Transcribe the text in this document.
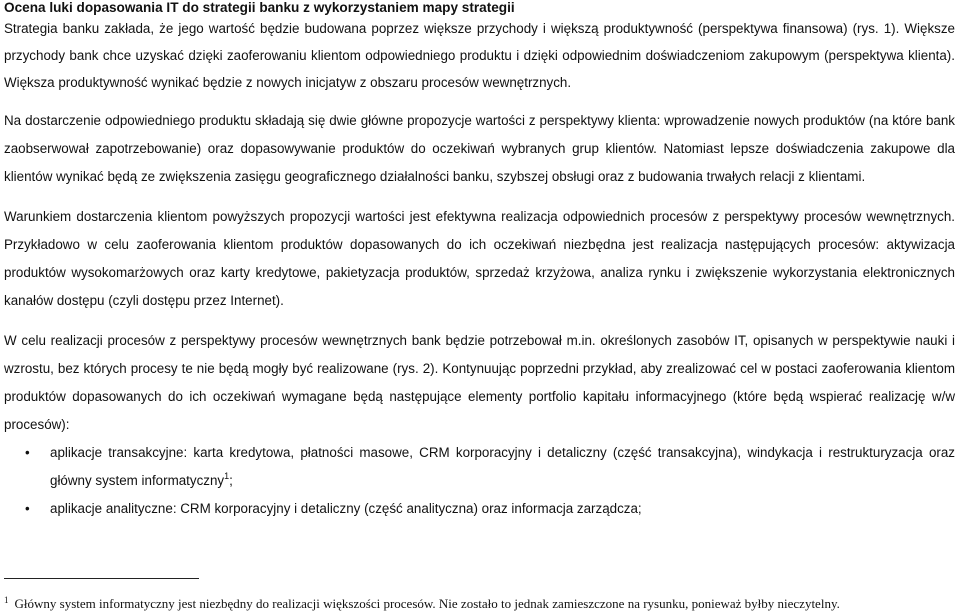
Ocena luki dopasowania IT do strategii banku z wykorzystaniem mapy strategii

Strategia banku zakłada, że jego wartość będzie budowana poprzez większe przychody i większą produktywność (perspektywa finansowa) (rys. 1). Większe przychody bank chce uzyskać dzięki zaoferowaniu klientom odpowiedniego produktu i dzięki odpowiednim doświadczeniom zakupowym (perspektywa klienta). Większa produktywność wynikać będzie z nowych inicjatyw z obszaru procesów wewnętrznych.

Na dostarczenie odpowiedniego produktu składają się dwie główne propozycje wartości z perspektywy klienta: wprowadzenie nowych produktów (na które bank zaobserwował zapotrzebowanie) oraz dopasowywanie produktów do oczekiwań wybranych grup klientów. Natomiast lepsze doświadczenia zakupowe dla klientów wynikać będą ze zwiększenia zasięgu geograficznego działalności banku, szybszej obsługi oraz z budowania trwałych relacji z klientami.

Warunkiem dostarczenia klientom powyższych propozycji wartości jest efektywna realizacja odpowiednich procesów z perspektywy procesów wewnętrznych. Przykładowo w celu zaoferowania klientom produktów dopasowanych do ich oczekiwań niezbędna jest realizacja następujących procesów: aktywizacja produktów wysokomarżowych oraz karty kredytowe, pakietyzacja produktów, sprzedaż krzyżowa, analiza rynku i zwiększenie wykorzystania elektronicznych kanałów dostępu (czyli dostępu przez Internet).

W celu realizacji procesów z perspektywy procesów wewnętrznych bank będzie potrzebował m.in. określonych zasobów IT, opisanych w perspektywie nauki i wzrostu, bez których procesy te nie będą mogły być realizowane (rys. 2). Kontynuując poprzedni przykład, aby zrealizować cel w postaci zaoferowania klientom produktów dopasowanych do ich oczekiwań wymagane będą następujące elementy portfolio kapitału informacyjnego (które będą wspierać realizację w/w procesów):

• aplikacje transakcyjne: karta kredytowa, płatności masowe, CRM korporacyjny i detaliczny (część transakcyjna), windykacja i restrukturyzacja oraz główny system informatyczny$^1$;
• aplikacje analityczne: CRM korporacyjny i detaliczny (część analityczna) oraz informacja zarządcza;
$^1$ Główny system informatyczny jest niezbędny do realizacji większości procesów. Nie zostało to jednak zamieszczone na rysunku, ponieważ byłby nieczytelny.
